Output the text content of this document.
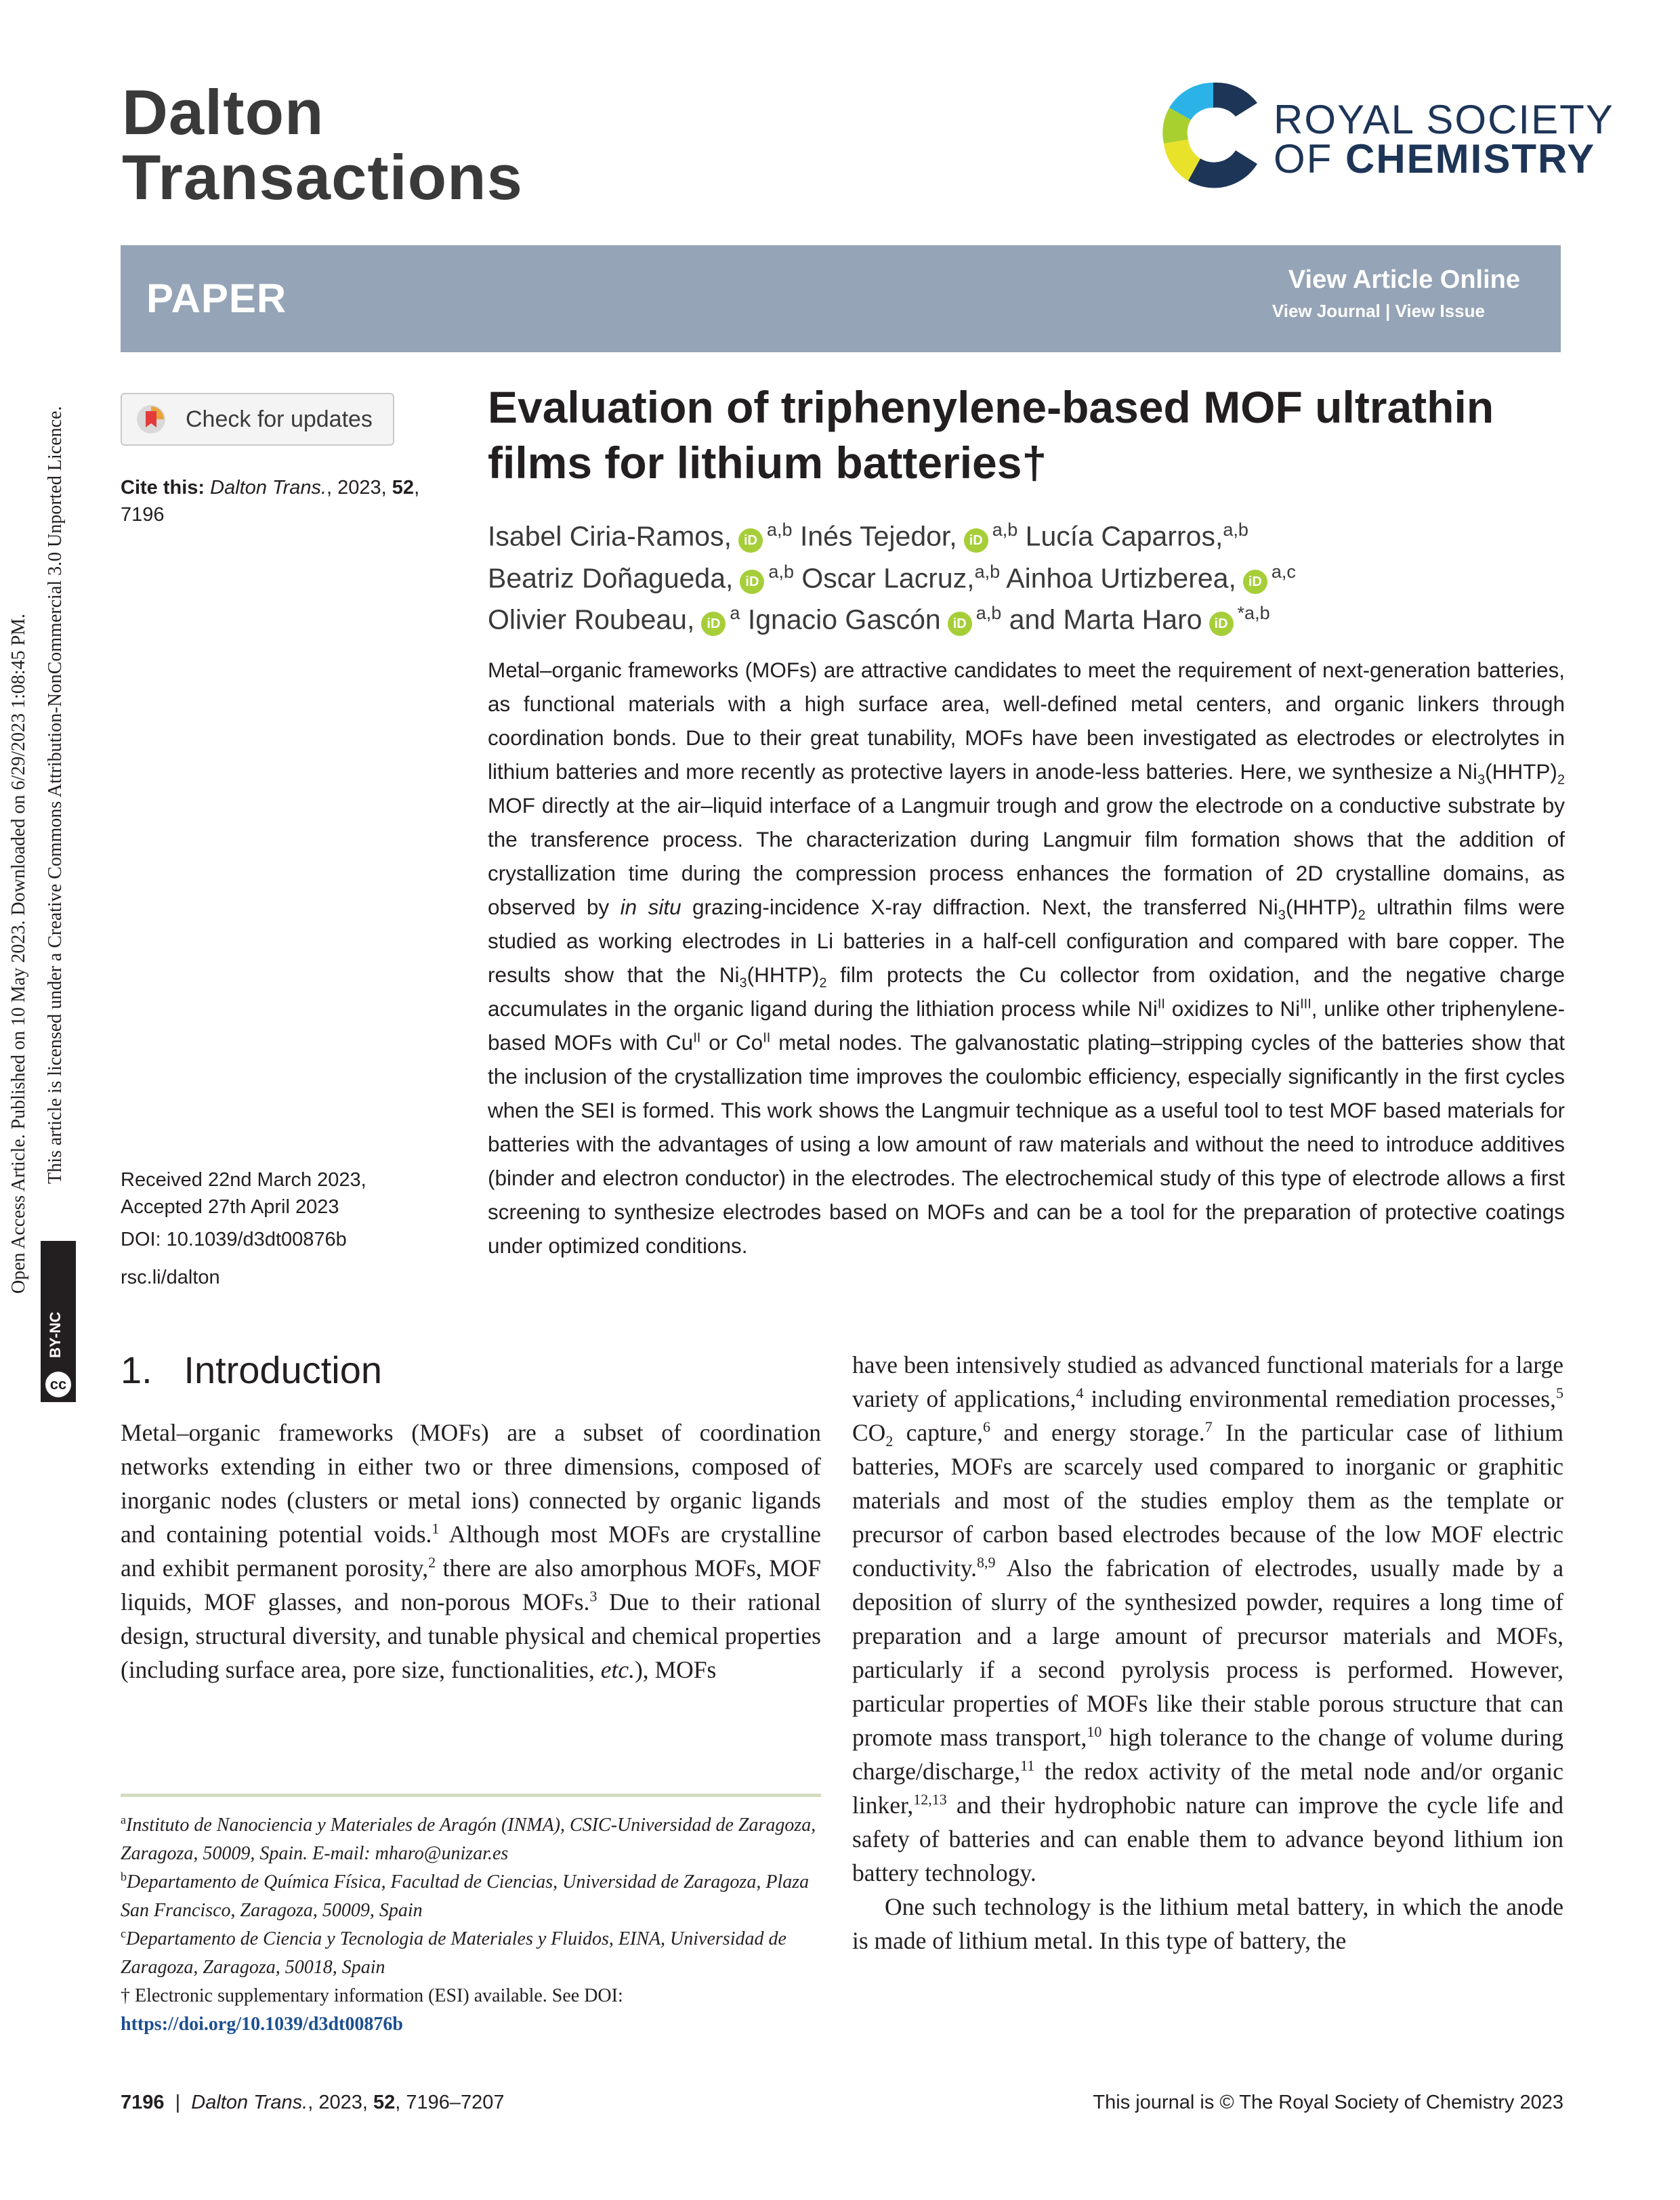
Dalton
Transactions
ROYAL SOCIETY
OF CHEMISTRY
PAPER	View Article Online
View Journal | View Issue
Open Access Article. Published on 10 May 2023. Downloaded on 6/29/2023 1:08:45 PM. This article is licensed under a Creative Commons Attribution-NonCommercial 3.0 Unported Licence.
BY-NC
cc
Check for updates
Cite this: Dalton Trans., 2023, 52, 7196
Received 22nd March 2023,
Accepted 27th April 2023
DOI: 10.1039/d3dt00876b
rsc.li/dalton
Evaluation of triphenylene-based MOF ultrathin films for lithium batteries†
Isabel Ciria-Ramos, iD$^{a,b}$ Inés Tejedor, iD$^{a,b}$ Lucía Caparros,$^{a,b}$
Beatriz Doñagueda, iD$^{a,b}$ Oscar Lacruz,$^{a,b}$ Ainhoa Urtizberea, iD$^{a,c}$
Olivier Roubeau, $iD^a$ Ignacio Gascón iD$^{a,b}$ and Marta Haro iD$^{*a,b}$
Metal–organic frameworks (MOFs) are attractive candidates to meet the requirement of next-generation batteries, as functional materials with a high surface area, well-defined metal centers, and organic linkers through coordination bonds. Due to their great tunability, MOFs have been investigated as electrodes or electrolytes in lithium batteries and more recently as protective layers in anode-less batteries. Here, we synthesize a $Ni_3(HHTP)_2$ MOF directly at the air–liquid interface of a Langmuir trough and grow the electrode on a conductive substrate by the transference process. The characterization during Langmuir film formation shows that the addition of crystallization time during the compression process enhances the formation of 2D crystalline domains, as observed by in situ grazing-incidence X-ray diffraction. Next, the transferred $Ni_3(HHTP)_2$ ultrathin films were studied as working electrodes in Li batteries in a half-cell configuration and compared with bare copper. The results show that the $Ni_3(HHTP)_2$ film protects the Cu collector from oxidation, and the negative charge accumulates in the organic ligand during the lithiation process while $Ni^{II}$ oxidizes to $Ni^{III}$, unlike other triphenylene-based MOFs with $Cu^{II}$ or $Co^{II}$ metal nodes. The galvanostatic plating–stripping cycles of the batteries show that the inclusion of the crystallization time improves the coulombic efficiency, especially significantly in the first cycles when the SEI is formed. This work shows the Langmuir technique as a useful tool to test MOF based materials for batteries with the advantages of using a low amount of raw materials and without the need to introduce additives (binder and electron conductor) in the electrodes. The electrochemical study of this type of electrode allows a first screening to synthesize electrodes based on MOFs and can be a tool for the preparation of protective coatings under optimized conditions.
1.   Introduction

Metal–organic frameworks (MOFs) are a subset of coordination networks extending in either two or three dimensions, composed of inorganic nodes (clusters or metal ions) connected by organic ligands and containing potential voids.$^1$ Although most MOFs are crystalline and exhibit permanent porosity,$^2$ there are also amorphous MOFs, MOF liquids, MOF glasses, and non-porous MOFs.$^3$ Due to their rational design, structural diversity, and tunable physical and chemical properties (including surface area, pore size, functionalities, etc.), MOFs

have been intensively studied as advanced functional materials for a large variety of applications,$^4$ including environmental remediation processes,$^5$ $CO_2$ capture,$^6$ and energy storage.$^7$ In the particular case of lithium batteries, MOFs are scarcely used compared to inorganic or graphitic materials and most of the studies employ them as the template or precursor of carbon based electrodes because of the low MOF electric conductivity.$^{8,9}$ Also the fabrication of electrodes, usually made by a deposition of slurry of the synthesized powder, requires a long time of preparation and a large amount of precursor materials and MOFs, particularly if a second pyrolysis process is performed. However, particular properties of MOFs like their stable porous structure that can promote mass transport,$^{10}$ high tolerance to the change of volume during charge/discharge,$^{11}$ the redox activity of the metal node and/or organic linker,$^{12,13}$ and their hydrophobic nature can improve the cycle life and safety of batteries and can enable them to advance beyond lithium ion battery technology.

One such technology is the lithium metal battery, in which the anode is made of lithium metal. In this type of battery, the

$^a$Instituto de Nanociencia y Materiales de Aragón (INMA), CSIC-Universidad de Zaragoza, Zaragoza, 50009, Spain. E-mail: mharo@unizar.es

$^b$Departamento de Química Física, Facultad de Ciencias, Universidad de Zaragoza, Plaza San Francisco, Zaragoza, 50009, Spain

$^c$Departamento de Ciencia y Tecnologia de Materiales y Fluidos, EINA, Universidad de Zaragoza, Zaragoza, 50018, Spain

† Electronic supplementary information (ESI) available. See DOI: https://doi.org/10.1039/d3dt00876b

7196  |  Dalton Trans., 2023, 52, 7196–7207	This journal is © The Royal Society of Chemistry 2023
